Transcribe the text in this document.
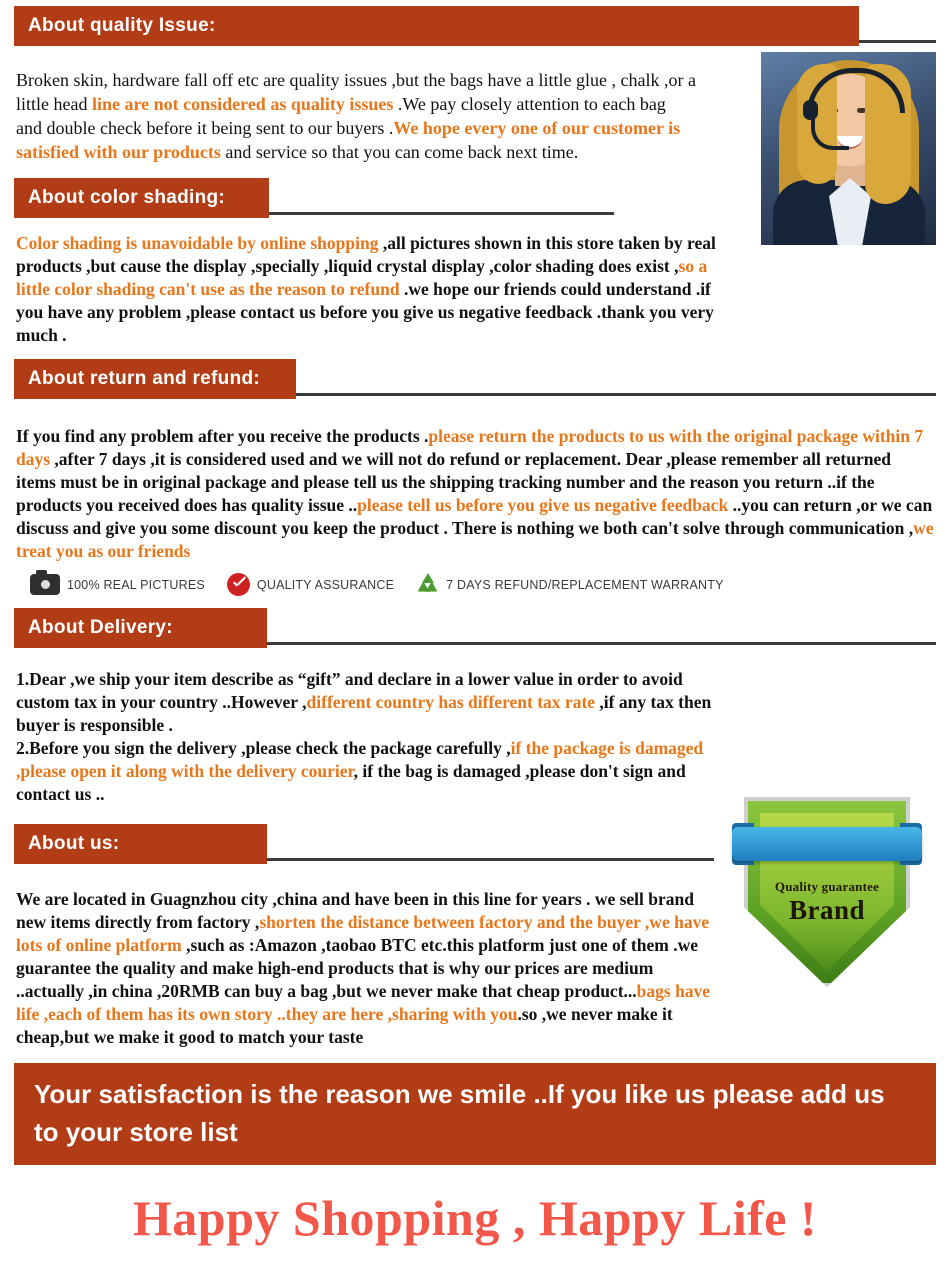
About quality Issue:
Broken skin, hardware fall off etc are quality issues ,but the bags have a little glue , chalk ,or a little head line are not considered as quality issues .We pay closely attention to each bag and double check before it being sent to our buyers .We hope every one of our customer is satisfied with our products and service so that you can come back next time.
About color shading:
Color shading is unavoidable by online shopping ,all pictures shown in this store taken by real products ,but cause the display ,specially ,liquid crystal display ,color shading does exist ,so a little color shading can't use as the reason to refund .we hope our friends could understand .if you have any problem ,please contact us before you give us negative feedback .thank you very much .
About return and refund:
If you find any problem after you receive the products .please return the products to us with the original package within 7 days ,after 7 days ,it is considered used and we will not do refund or replacement. Dear ,please remember all returned items must be in original package and please tell us the shipping tracking number and the reason you return ..if the products you received does has quality issue ..please tell us before you give us negative feedback ..you can return ,or we can discuss and give you some discount you keep the product . There is nothing we both can't solve through communication ,we treat you as our friends
100% REAL PICTURES	QUALITY ASSURANCE	7 DAYS REFUND/REPLACEMENT WARRANTY
About Delivery:
1.Dear ,we ship your item describe as “gift” and declare in a lower value in order to avoid custom tax in your country ..However ,different country has different tax rate ,if any tax then buyer is responsible .
2.Before you sign the delivery ,please check the package carefully ,if the package is damaged ,please open it along with the delivery courier, if the bag is damaged ,please don't sign and contact us ..
Quality guarantee
Brand
About us:
We are located in Guagnzhou city ,china and have been in this line for years . we sell brand new items directly from factory ,shorten the distance between factory and the buyer ,we have lots of online platform ,such as :Amazon ,taobao BTC etc.this platform just one of them .we guarantee the quality and make high-end products that is why our prices are medium ..actually ,in china ,20RMB can buy a bag ,but we never make that cheap product...bags have life ,each of them has its own story ..they are here ,sharing with you.so ,we never make it cheap,but we make it good to match your taste
Your satisfaction is the reason we smile ..If you like us please add us to your store list
Happy Shopping , Happy Life !
